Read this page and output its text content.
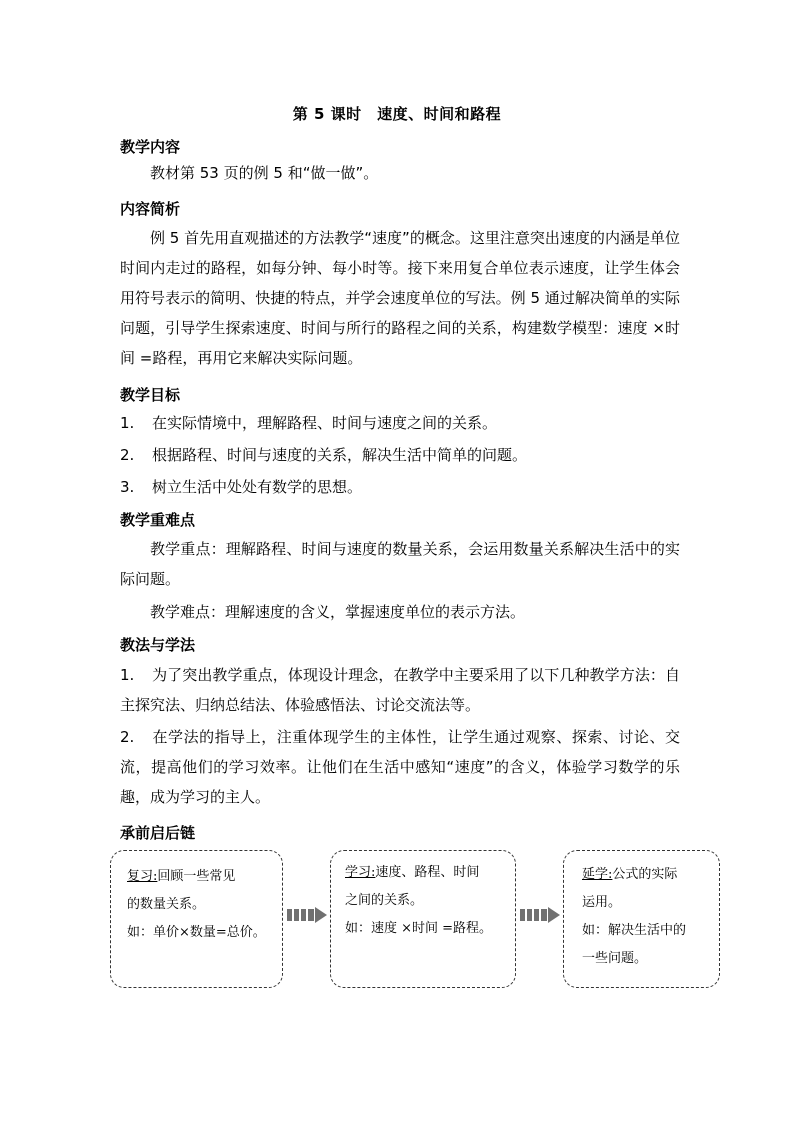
第 5 课时　速度、时间和路程
教学内容
教材第 53 页的例 5 和“做一做”。
内容简析
例 5 首先用直观描述的方法教学“速度”的概念。这里注意突出速度的内涵是单位时间内走过的路程，如每分钟、每小时等。接下来用复合单位表示速度，让学生体会用符号表示的简明、快捷的特点，并学会速度单位的写法。例 5 通过解决简单的实际问题，引导学生探索速度、时间与所行的路程之间的关系，构建数学模型：速度 ×时间 =路程，再用它来解决实际问题。
教学目标
1. 在实际情境中，理解路程、时间与速度之间的关系。
2. 根据路程、时间与速度的关系，解决生活中简单的问题。
3. 树立生活中处处有数学的思想。
教学重难点
教学重点：理解路程、时间与速度的数量关系，会运用数量关系解决生活中的实际问题。
教学难点：理解速度的含义，掌握速度单位的表示方法。
教法与学法
1. 为了突出教学重点，体现设计理念，在教学中主要采用了以下几种教学方法：自主探究法、归纳总结法、体验感悟法、讨论交流法等。
2. 在学法的指导上，注重体现学生的主体性，让学生通过观察、探索、讨论、交流，提高他们的学习效率。让他们在生活中感知“速度”的含义，体验学习数学的乐趣，成为学习的主人。
承前启后链
复习:回顾一些常见
的数量关系。
如：单价×数量=总价。
学习:速度、路程、时间
之间的关系。
如：速度 ×时间 =路程。
延学:公式的实际
运用。
如：解决生活中的
一些问题。
